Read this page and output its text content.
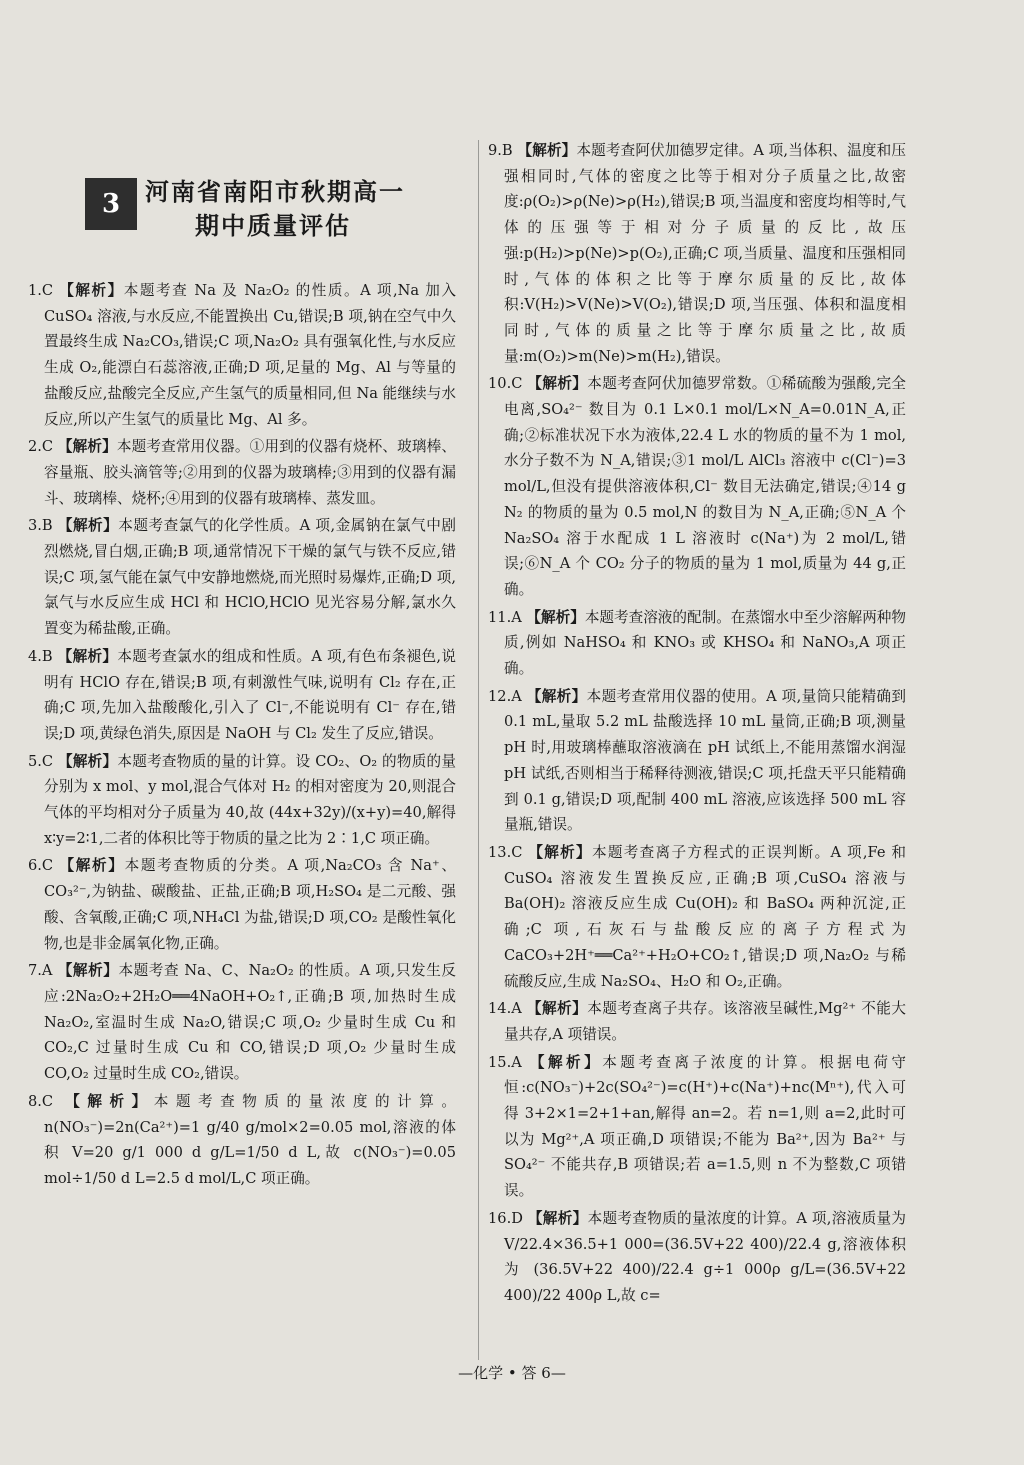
3	河南省南阳市秋期高一
期中质量评估

1.C 【解析】本题考查 Na 及 Na₂O₂ 的性质。A 项,Na 加入 CuSO₄ 溶液,与水反应,不能置换出 Cu,错误;B 项,钠在空气中久置最终生成 Na₂CO₃,错误;C 项,Na₂O₂ 具有强氧化性,与水反应生成 O₂,能漂白石蕊溶液,正确;D 项,足量的 Mg、Al 与等量的盐酸反应,盐酸完全反应,产生氢气的质量相同,但 Na 能继续与水反应,所以产生氢气的质量比 Mg、Al 多。

2.C 【解析】本题考查常用仪器。①用到的仪器有烧杯、玻璃棒、容量瓶、胶头滴管等;②用到的仪器为玻璃棒;③用到的仪器有漏斗、玻璃棒、烧杯;④用到的仪器有玻璃棒、蒸发皿。

3.B 【解析】本题考查氯气的化学性质。A 项,金属钠在氯气中剧烈燃烧,冒白烟,正确;B 项,通常情况下干燥的氯气与铁不反应,错误;C 项,氢气能在氯气中安静地燃烧,而光照时易爆炸,正确;D 项,氯气与水反应生成 HCl 和 HClO,HClO 见光容易分解,氯水久置变为稀盐酸,正确。

4.B 【解析】本题考查氯水的组成和性质。A 项,有色布条褪色,说明有 HClO 存在,错误;B 项,有刺激性气味,说明有 Cl₂ 存在,正确;C 项,先加入盐酸酸化,引入了 Cl⁻,不能说明有 Cl⁻ 存在,错误;D 项,黄绿色消失,原因是 NaOH 与 Cl₂ 发生了反应,错误。

5.C 【解析】本题考查物质的量的计算。设 CO₂、O₂ 的物质的量分别为 x mol、y mol,混合气体对 H₂ 的相对密度为 20,则混合气体的平均相对分子质量为 40,故 (44x+32y)/(x+y)=40,解得 x∶y=2∶1,二者的体积比等于物质的量之比为 2∶1,C 项正确。

6.C 【解析】本题考查物质的分类。A 项,Na₂CO₃ 含 Na⁺、CO₃²⁻,为钠盐、碳酸盐、正盐,正确;B 项,H₂SO₄ 是二元酸、强酸、含氧酸,正确;C 项,NH₄Cl 为盐,错误;D 项,CO₂ 是酸性氧化物,也是非金属氧化物,正确。

7.A 【解析】本题考查 Na、C、Na₂O₂ 的性质。A 项,只发生反应:2Na₂O₂+2H₂O══4NaOH+O₂↑,正确;B 项,加热时生成 Na₂O₂,室温时生成 Na₂O,错误;C 项,O₂ 少量时生成 Cu 和 CO₂,C 过量时生成 Cu 和 CO,错误;D 项,O₂ 少量时生成 CO,O₂ 过量时生成 CO₂,错误。

8.C 【解析】本题考查物质的量浓度的计算。n(NO₃⁻)=2n(Ca²⁺)=1 g/40 g/mol×2=0.05 mol,溶液的体积 V=20 g/1 000 d g/L=1/50 d L,故 c(NO₃⁻)=0.05 mol÷1/50 d L=2.5 d mol/L,C 项正确。

9.B 【解析】本题考查阿伏加德罗定律。A 项,当体积、温度和压强相同时,气体的密度之比等于相对分子质量之比,故密度:ρ(O₂)>ρ(Ne)>ρ(H₂),错误;B 项,当温度和密度均相等时,气体的压强等于相对分子质量的反比,故压强:p(H₂)>p(Ne)>p(O₂),正确;C 项,当质量、温度和压强相同时,气体的体积之比等于摩尔质量的反比,故体积:V(H₂)>V(Ne)>V(O₂),错误;D 项,当压强、体积和温度相同时,气体的质量之比等于摩尔质量之比,故质量:m(O₂)>m(Ne)>m(H₂),错误。

10.C 【解析】本题考查阿伏加德罗常数。①稀硫酸为强酸,完全电离,SO₄²⁻ 数目为 0.1 L×0.1 mol/L×N_A=0.01N_A,正确;②标准状况下水为液体,22.4 L 水的物质的量不为 1 mol,水分子数不为 N_A,错误;③1 mol/L AlCl₃ 溶液中 c(Cl⁻)=3 mol/L,但没有提供溶液体积,Cl⁻ 数目无法确定,错误;④14 g N₂ 的物质的量为 0.5 mol,N 的数目为 N_A,正确;⑤N_A 个 Na₂SO₄ 溶于水配成 1 L 溶液时 c(Na⁺)为 2 mol/L,错误;⑥N_A 个 CO₂ 分子的物质的量为 1 mol,质量为 44 g,正确。

11.A 【解析】本题考查溶液的配制。在蒸馏水中至少溶解两种物质,例如 NaHSO₄ 和 KNO₃ 或 KHSO₄ 和 NaNO₃,A 项正确。

12.A 【解析】本题考查常用仪器的使用。A 项,量筒只能精确到 0.1 mL,量取 5.2 mL 盐酸选择 10 mL 量筒,正确;B 项,测量 pH 时,用玻璃棒蘸取溶液滴在 pH 试纸上,不能用蒸馏水润湿 pH 试纸,否则相当于稀释待测液,错误;C 项,托盘天平只能精确到 0.1 g,错误;D 项,配制 400 mL 溶液,应该选择 500 mL 容量瓶,错误。

13.C 【解析】本题考查离子方程式的正误判断。A 项,Fe 和 CuSO₄ 溶液发生置换反应,正确;B 项,CuSO₄ 溶液与 Ba(OH)₂ 溶液反应生成 Cu(OH)₂ 和 BaSO₄ 两种沉淀,正确;C 项,石灰石与盐酸反应的离子方程式为 CaCO₃+2H⁺══Ca²⁺+H₂O+CO₂↑,错误;D 项,Na₂O₂ 与稀硫酸反应,生成 Na₂SO₄、H₂O 和 O₂,正确。

14.A 【解析】本题考查离子共存。该溶液呈碱性,Mg²⁺ 不能大量共存,A 项错误。

15.A 【解析】本题考查离子浓度的计算。根据电荷守恒:c(NO₃⁻)+2c(SO₄²⁻)=c(H⁺)+c(Na⁺)+nc(Mⁿ⁺),代入可得 3+2×1=2+1+an,解得 an=2。若 n=1,则 a=2,此时可以为 Mg²⁺,A 项正确,D 项错误;不能为 Ba²⁺,因为 Ba²⁺ 与 SO₄²⁻ 不能共存,B 项错误;若 a=1.5,则 n 不为整数,C 项错误。

16.D 【解析】本题考查物质的量浓度的计算。A 项,溶液质量为 V/22.4×36.5+1 000=(36.5V+22 400)/22.4 g,溶液体积为 (36.5V+22 400)/22.4 g÷1 000ρ g/L=(36.5V+22 400)/22 400ρ L,故 c=

—化学 • 答 6—
